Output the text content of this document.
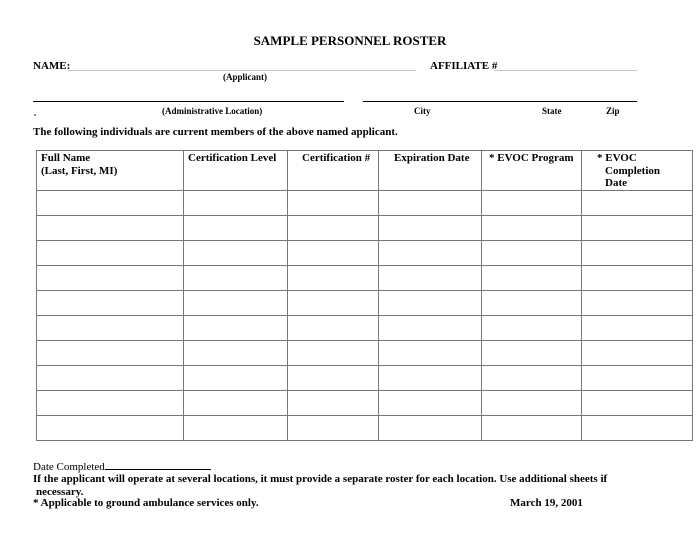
SAMPLE PERSONNEL ROSTER
NAME:
(Applicant)
AFFILIATE #
(Administrative Location)	City	State	Zip
The following individuals are current members of the above named applicant.
Full Name
(Last, First, MI)	Certification Level	Certification #	Expiration Date	* EVOC Program	* EVOC
Completion
Date

Date Completed
If the applicant will operate at several locations, it must provide a separate roster for each location. Use additional sheets if
necessary.
* Applicable to ground ambulance services only.	March 19, 2001
